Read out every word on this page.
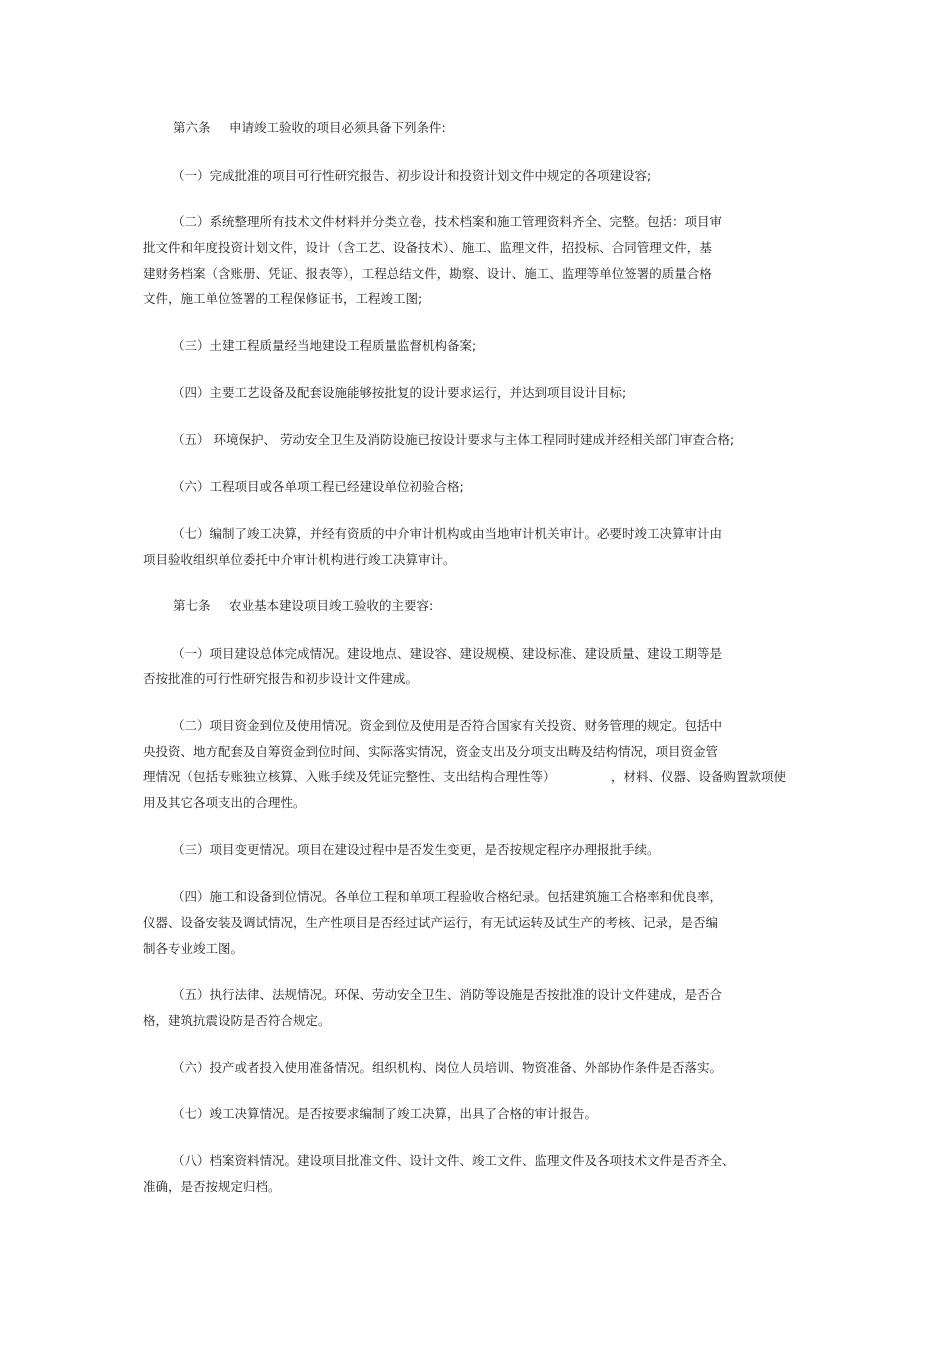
第六条 申请竣工验收的项目必须具备下列条件:

（一）完成批准的项目可行性研究报告、初步设计和投资计划文件中规定的各项建设容;

（二）系统整理所有技术文件材料并分类立卷，技术档案和施工管理资料齐全、完整。包括：项目审

批文件和年度投资计划文件，设计（含工艺、设备技术）、施工、监理文件，招投标、合同管理文件，基

建财务档案（含账册、凭证、报表等），工程总结文件，勘察、设计、施工、监理等单位签署的质量合格

文件，施工单位签署的工程保修证书，工程竣工图;

（三）土建工程质量经当地建设工程质量监督机构备案;

（四）主要工艺设备及配套设施能够按批复的设计要求运行，并达到项目设计目标;

（五） 环境保护、 劳动安全卫生及消防设施已按设计要求与主体工程同时建成并经相关部门审查合格;

（六）工程项目或各单项工程已经建设单位初验合格;

（七）编制了竣工决算，并经有资质的中介审计机构或由当地审计机关审计。必要时竣工决算审计由

项目验收组织单位委托中介审计机构进行竣工决算审计。

第七条 农业基本建设项目竣工验收的主要容:

（一）项目建设总体完成情况。建设地点、建设容、建设规模、建设标准、建设质量、建设工期等是

否按批准的可行性研究报告和初步设计文件建成。

（二）项目资金到位及使用情况。资金到位及使用是否符合国家有关投资、财务管理的规定。包括中

央投资、地方配套及自筹资金到位时间、实际落实情况，资金支出及分项支出畴及结构情况，项目资金管

理情况（包括专账独立核算、入账手续及凭证完整性、支出结构合理性等）	，材料、仪器、设备购置款项使

用及其它各项支出的合理性。

（三）项目变更情况。项目在建设过程中是否发生变更，是否按规定程序办理报批手续。

（四）施工和设备到位情况。各单位工程和单项工程验收合格纪录。包括建筑施工合格率和优良率，

仪器、设备安装及调试情况，生产性项目是否经过试产运行，有无试运转及试生产的考核、记录，是否编

制各专业竣工图。

（五）执行法律、法规情况。环保、劳动安全卫生、消防等设施是否按批准的设计文件建成，是否合

格，建筑抗震设防是否符合规定。

（六）投产或者投入使用准备情况。组织机构、岗位人员培训、物资准备、外部协作条件是否落实。

（七）竣工决算情况。是否按要求编制了竣工决算，出具了合格的审计报告。

（八）档案资料情况。建设项目批准文件、设计文件、竣工文件、监理文件及各项技术文件是否齐全、

准确，是否按规定归档。
